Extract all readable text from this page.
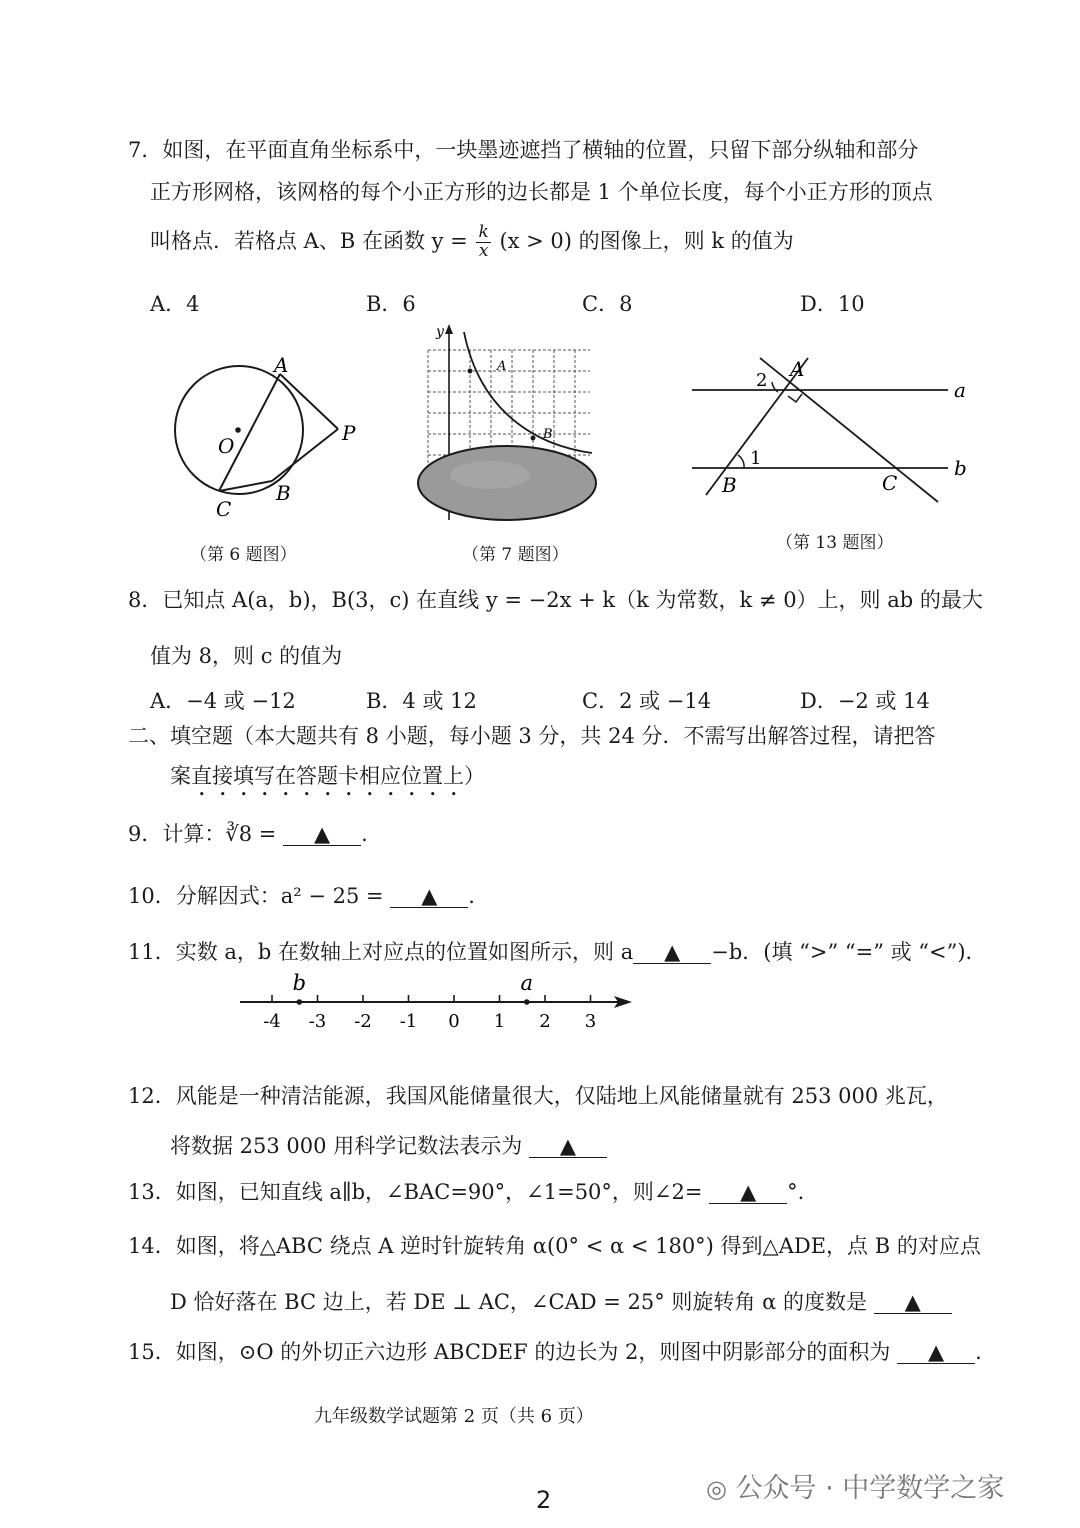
7．如图，在平面直角坐标系中，一块墨迹遮挡了横轴的位置，只留下部分纵轴和部分
正方形网格，该网格的每个小正方形的边长都是 1 个单位长度，每个小正方形的顶点
叫格点．若格点 A、B 在函数 $y = \frac{k}{x} (x > 0)$ 的图像上，则 k 的值为
A．4	B．6	C．8	D．10
A
O
P
C
B
（第 6 题图）
y
A
B
（第 7 题图）
A
a
b
B	C
1
2
（第 13 题图）
8．已知点 A(a，b)，B(3，c) 在直线 y = −2x + k（k 为常数，k ≠ 0）上，则 ab 的最大
值为 8，则 c 的值为
A．−4 或 −12	B．4 或 12	C．2 或 −14	D．−2 或 14
二、填空题（本大题共有 8 小题，每小题 3 分，共 24 分．不需写出解答过程，请把答
案直接填写在答题卡相应位置上）
9．计算：∛8 = ▲ .
10．分解因式：a² − 25 = ▲ .
11．实数 a，b 在数轴上对应点的位置如图所示，则 a ▲ −b．(填 “>” “=” 或 “<”)．
-4 -3 -2 -1 0 1 2 3
b	a
12．风能是一种清洁能源，我国风能储量很大，仅陆地上风能储量就有 253 000 兆瓦，
将数据 253 000 用科学记数法表示为 ▲
13．如图，已知直线 a∥b，∠BAC=90°，∠1=50°，则∠2= ▲ °.
14．如图，将△ABC 绕点 A 逆时针旋转角 α(0° < α < 180°) 得到△ADE，点 B 的对应点
D 恰好落在 BC 边上，若 DE ⊥ AC，∠CAD = 25° 则旋转角 α 的度数是 ▲
15．如图，⊙O 的外切正六边形 ABCDEF 的边长为 2，则图中阴影部分的面积为 ▲ .
九年级数学试题第 2 页（共 6 页）
2	◎ 公众号 · 中学数学之家
